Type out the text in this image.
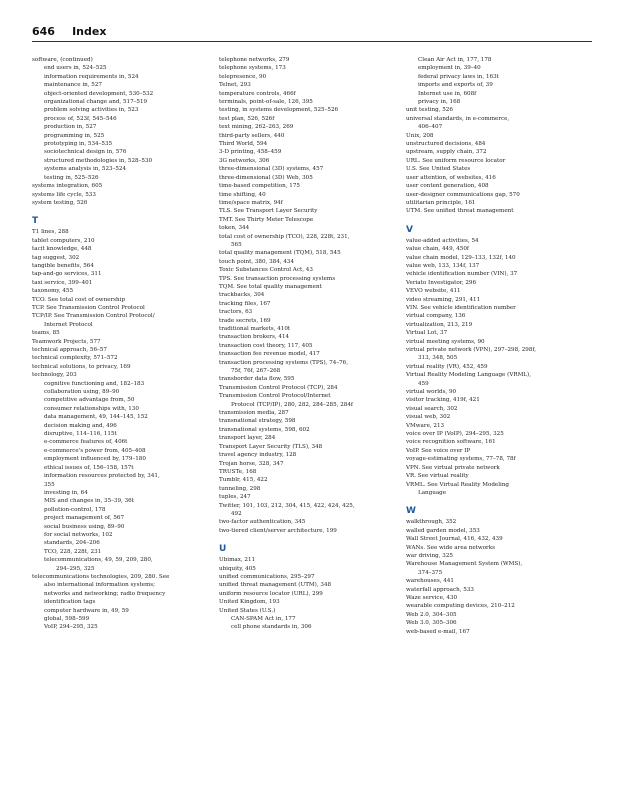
646 Index
software, (continued)
end users in, 524–525
information requirements in, 524
maintenance in, 527
object-oriented development, 530–532
organizational change and, 517–519
problem solving activities in, 523
process of, 523f, 545–546
production in, 527
programming in, 525
prototyping in, 534–535
sociotechnical design in, 576
structured methodologies in, 528–530
systems analysis in, 523–524
testing in, 525–526
systems integration, 605
systems life cycle, 533
system testing, 526
T
T1 lines, 288
tablet computers, 210
tacit knowledge, 448
tag suggest, 302
tangible benefits, 564
tap-and-go services, 311
taxi service, 399–401
taxonomy, 455
TCO. See total cost of ownership
TCP. See Transmission Control Protocol
TCP/IP. See Transmission Control Protocol/
Internet Protocol
teams, 85
Teamwork Projects, 577
technical approach, 56–57
technical complexity, 571–572
technical solutions, to privacy, 169
technology, 203
cognitive functioning and, 182–183
collaboration using, 89–90
competitive advantage from, 50
consumer relationships with, 130
data management, 49, 144–145, 152
decision making and, 496
disruptive, 114–116, 115t
e-commerce features of, 406t
e-commerce's power from, 405–408
employment influenced by, 179–180
ethical issues of, 156–158, 157t
information resources protected by, 341,
355
investing in, 64
MIS and changes in, 35–39, 36t
pollution-control, 178
project management of, 567
social business using, 89–90
for social networks, 102
standards, 204–206
TCO, 228, 228t, 231
telecommunications, 49, 59, 209, 280,
294–295, 325
telecommunications technologies, 209, 280. See
also international information systems;
networks and networking; radio frequency
identification tags
computer hardware in, 49, 59
global, 598–599
VoIP, 294–295, 325
telephone networks, 279
telephone systems, 173
telepresence, 90
Telnet, 293
temperature controls, 466f
terminals, point-of-sale, 126, 395
testing, in systems development, 525–526
test plan, 526, 526f
text mining, 262–263, 269
third-party sellers, 440
Third World, 594
3-D printing, 458–459
3G networks, 306
three-dimensional (3D) systems, 457
three-dimensional (3D) Web, 305
time-based competition, 175
time shifting, 40
time/space matrix, 94f
TLS. See Transport Layer Security
TMT. See Thirty Meter Telescope
token, 344
total cost of ownership (TCO), 228, 228t, 231,
565
total quality management (TQM), 518, 545
touch point, 380, 384, 434
Toxic Substances Control Act, 43
TPS. See transaction processing systems
TQM. See total quality management
trackbacks, 304
tracking files, 167
tractors, 63
trade secrets, 169
traditional markets, 410t
transaction brokers, 414
transaction cost theory, 117, 405
transaction fee revenue model, 417
transaction processing systems (TPS), 74–76,
75f, 76f, 267–268
transborder data flow, 595
Transmission Control Protocol (TCP), 284
Transmission Control Protocol/Internet
Protocol (TCP/IP), 280, 282, 284–285, 284f
transmission media, 287
transnational strategy, 598
transnational systems, 598, 602
transport layer, 284
Transport Layer Security (TLS), 348
travel agency industry, 128
Trojan horse, 328, 347
TRUSTe, 168
Tumblr, 415, 422
tunneling, 298
tuples, 247
Twitter, 101, 103, 212, 304, 415, 422, 424, 425,
492
two-factor authentication, 345
two-tiered client/server architecture, 199
U
Ubimax, 211
ubiquity, 405
unified communications, 295–297
unified threat management (UTM), 348
uniform resource locator (URL), 299
United Kingdom, 193
United States (U.S.)
CAN-SPAM Act in, 177
cell phone standards in, 306
Clean Air Act in, 177, 178
employment in, 39–40
federal privacy laws in, 163t
imports and exports of, 39
Internet use in, 608f
privacy in, 168
unit testing, 526
universal standards, in e-commerce,
406–407
Unix, 208
unstructured decisions, 484
upstream, supply chain, 372
URL. See uniform resource locator
U.S. See United States
user attention, of websites, 416
user content generation, 408
user-designer communications gap, 570
utilitarian principle, 161
UTM. See unified threat management
V
value-added activities, 54
value chain, 449, 450f
value chain model, 129–133, 132f, 140
value web, 133, 134f, 137
vehicle identification number (VIN), 37
Veriato Investigator, 296
VEVO website, 411
video streaming, 291, 411
VIN. See vehicle identification number
virtual company, 136
virtualization, 213, 219
Virtual Lot, 37
virtual meeting systems, 90
virtual private network (VPN), 297–298, 298f,
313, 348, 505
virtual reality (VR), 452, 459
Virtual Reality Modeling Language (VRML),
459
virtual worlds, 90
visitor tracking, 419f, 421
visual search, 302
visual web, 302
VMware, 213
voice over IP (VoIP), 294–295, 325
voice recognition software, 161
VoIP. See voice over IP
voyage-estimating systems, 77–78, 78f
VPN. See virtual private network
VR. See virtual reality
VRML. See Virtual Reality Modeling
Language
W
walkthrough, 352
walled garden model, 353
Wall Street Journal, 416, 432, 439
WANs. See wide area networks
war driving, 325
Warehouse Management System (WMS),
374–375
warehouses, 441
waterfall approach, 533
Waze service, 430
wearable computing devices, 210–212
Web 2.0, 304–305
Web 3.0, 305–306
web-based e-mail, 167
